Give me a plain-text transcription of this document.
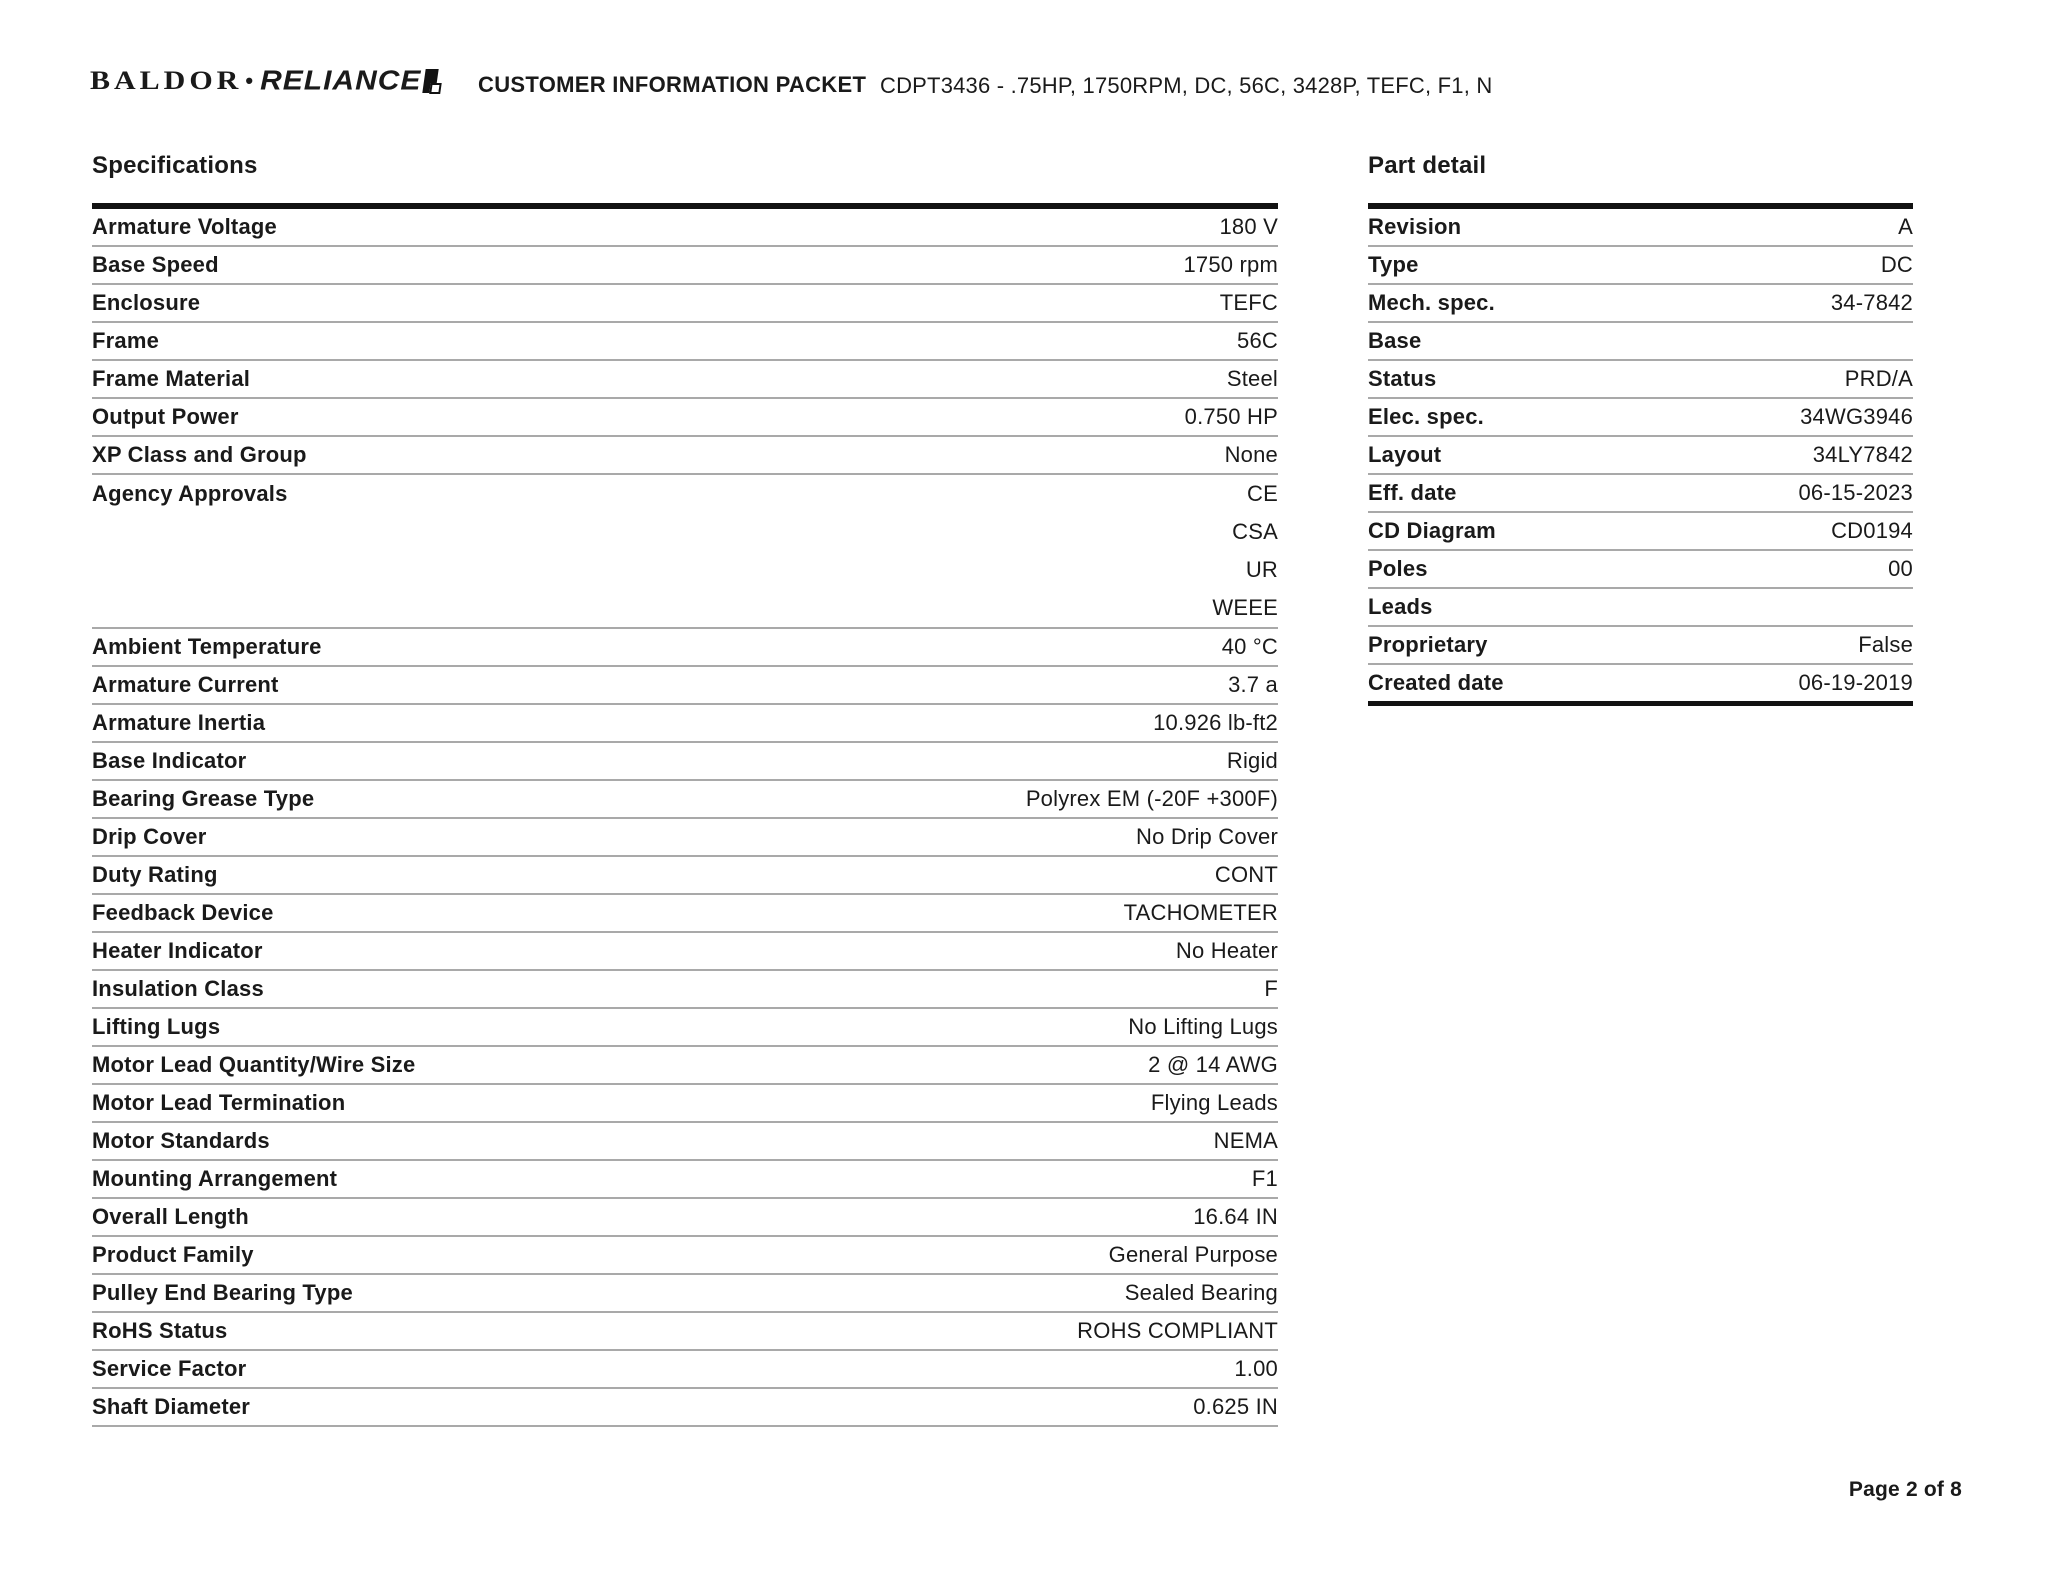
BALDOR • RELIANCE	CUSTOMER INFORMATION PACKET CDPT3436 - .75HP, 1750RPM, DC, 56C, 3428P, TEFC, F1, N
Specifications
Armature Voltage	180 V
Base Speed	1750 rpm
Enclosure	TEFC
Frame	56C
Frame Material	Steel
Output Power	0.750 HP
XP Class and Group	None
Agency Approvals	CE
CSA
UR
WEEE
Ambient Temperature	40 °C
Armature Current	3.7 a
Armature Inertia	10.926 lb-ft2
Base Indicator	Rigid
Bearing Grease Type	Polyrex EM (-20F +300F)
Drip Cover	No Drip Cover
Duty Rating	CONT
Feedback Device	TACHOMETER
Heater Indicator	No Heater
Insulation Class	F
Lifting Lugs	No Lifting Lugs
Motor Lead Quantity/Wire Size	2 @ 14 AWG
Motor Lead Termination	Flying Leads
Motor Standards	NEMA
Mounting Arrangement	F1
Overall Length	16.64 IN
Product Family	General Purpose
Pulley End Bearing Type	Sealed Bearing
RoHS Status	ROHS COMPLIANT
Service Factor	1.00
Shaft Diameter	0.625 IN
Part detail
Revision	A
Type	DC
Mech. spec.	34-7842
Base
Status	PRD/A
Elec. spec.	34WG3946
Layout	34LY7842
Eff. date	06-15-2023
CD Diagram	CD0194
Poles	00
Leads
Proprietary	False
Created date	06-19-2019
Page 2 of 8
